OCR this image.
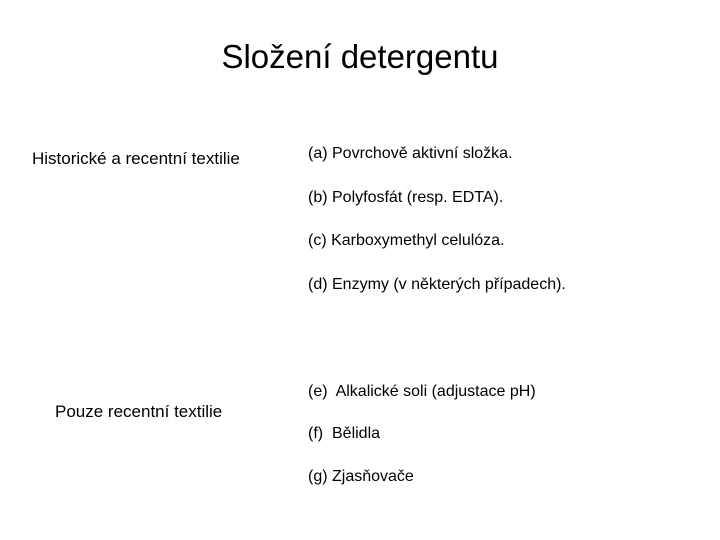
Složení detergentu
Historické a recentní textilie	(a) Povrchově aktivní složka.
(b) Polyfosfát (resp. EDTA).
(c) Karboxymethyl celulóza.
(d) Enzymy (v některých případech).
Pouze recentní textilie
(e)  Alkalické soli (adjustace pH)
(f)  Bělidla
(g) Zjasňovače
